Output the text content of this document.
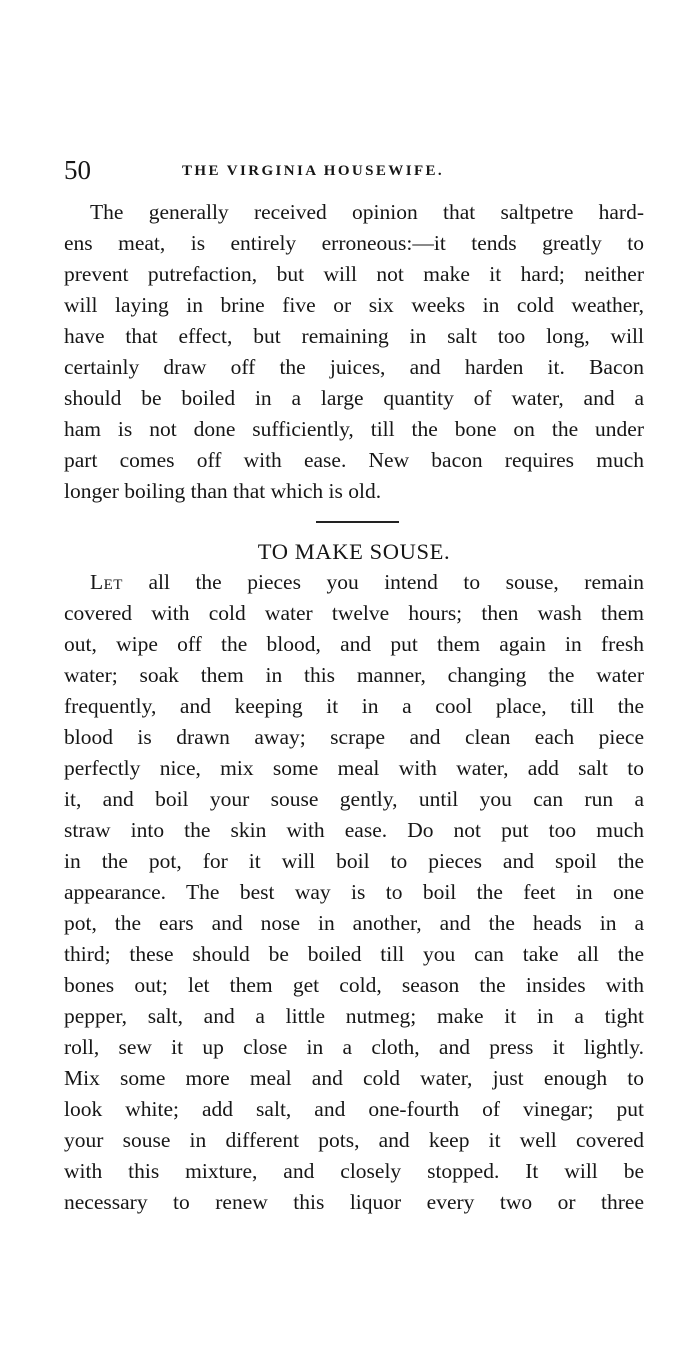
50	THE VIRGINIA HOUSEWIFE.
The generally received opinion that saltpetre hard-
ens meat, is entirely erroneous:—it tends greatly to
prevent putrefaction, but will not make it hard; neither
will laying in brine five or six weeks in cold weather,
have that effect, but remaining in salt too long, will
certainly draw off the juices, and harden it. Bacon
should be boiled in a large quantity of water, and a
ham is not done sufficiently, till the bone on the under
part comes off with ease. New bacon requires much
longer boiling than that which is old.
TO MAKE SOUSE.
Let all the pieces you intend to souse, remain
covered with cold water twelve hours; then wash them
out, wipe off the blood, and put them again in fresh
water; soak them in this manner, changing the water
frequently, and keeping it in a cool place, till the
blood is drawn away; scrape and clean each piece
perfectly nice, mix some meal with water, add salt to
it, and boil your souse gently, until you can run a
straw into the skin with ease. Do not put too much
in the pot, for it will boil to pieces and spoil the
appearance. The best way is to boil the feet in one
pot, the ears and nose in another, and the heads in a
third; these should be boiled till you can take all the
bones out; let them get cold, season the insides with
pepper, salt, and a little nutmeg; make it in a tight
roll, sew it up close in a cloth, and press it lightly.
Mix some more meal and cold water, just enough to
look white; add salt, and one-fourth of vinegar; put
your souse in different pots, and keep it well covered
with this mixture, and closely stopped. It will be
necessary to renew this liquor every two or three
